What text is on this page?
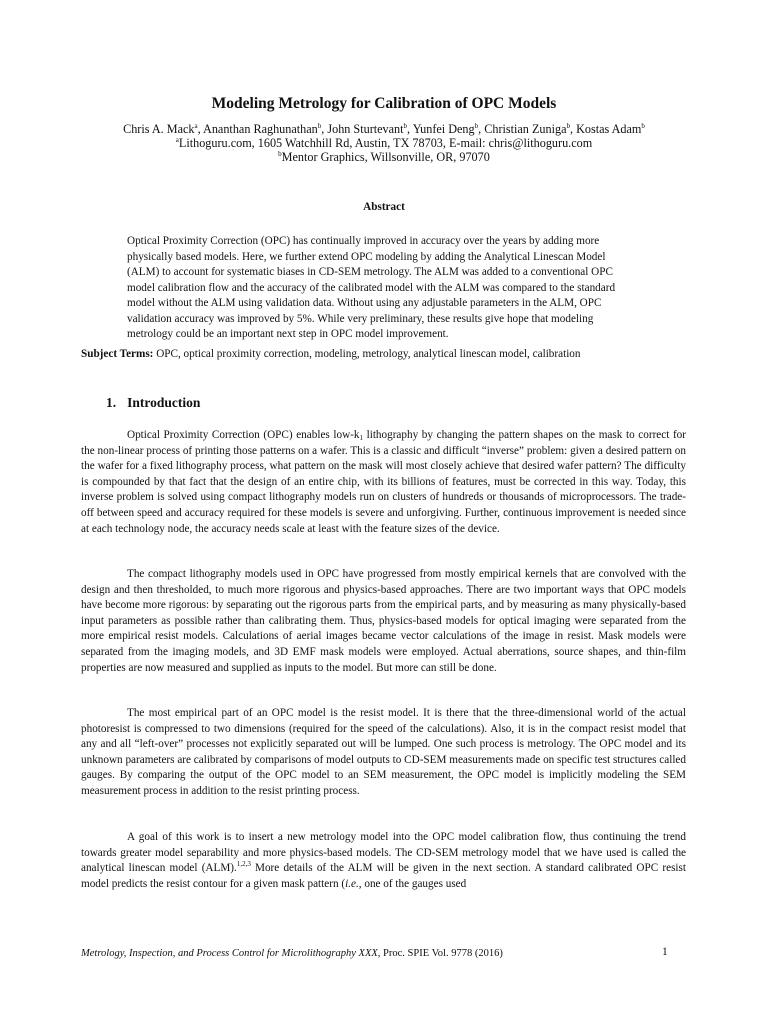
Modeling Metrology for Calibration of OPC Models
Chris A. Mack$^a$, Ananthan Raghunathan$^b$, John Sturtevant$^b$, Yunfei Deng$^b$, Christian Zuniga$^b$, Kostas Adam$^b$
$^a$Lithoguru.com, 1605 Watchhill Rd, Austin, TX 78703, E-mail: chris@lithoguru.com
$^b$Mentor Graphics, Willsonville, OR, 97070
Abstract
Optical Proximity Correction (OPC) has continually improved in accuracy over the years by adding more
physically based models. Here, we further extend OPC modeling by adding the Analytical Linescan Model
(ALM) to account for systematic biases in CD-SEM metrology. The ALM was added to a conventional OPC
model calibration flow and the accuracy of the calibrated model with the ALM was compared to the standard
model without the ALM using validation data. Without using any adjustable parameters in the ALM, OPC
validation accuracy was improved by 5%. While very preliminary, these results give hope that modeling
metrology could be an important next step in OPC model improvement.
Subject Terms: OPC, optical proximity correction, modeling, metrology, analytical linescan model, calibration
1. Introduction
Optical Proximity Correction (OPC) enables low-$k_1$ lithography by changing the pattern shapes on the mask to correct for the non-linear process of printing those patterns on a wafer. This is a classic and difficult “inverse” problem: given a desired pattern on the wafer for a fixed lithography process, what pattern on the mask will most closely achieve that desired wafer pattern? The difficulty is compounded by that fact that the design of an entire chip, with its billions of features, must be corrected in this way. Today, this inverse problem is solved using compact lithography models run on clusters of hundreds or thousands of microprocessors. The trade-off between speed and accuracy required for these models is severe and unforgiving. Further, continuous improvement is needed since at each technology node, the accuracy needs scale at least with the feature sizes of the device.
The compact lithography models used in OPC have progressed from mostly empirical kernels that are convolved with the design and then thresholded, to much more rigorous and physics-based approaches. There are two important ways that OPC models have become more rigorous: by separating out the rigorous parts from the empirical parts, and by measuring as many physically-based input parameters as possible rather than calibrating them. Thus, physics-based models for optical imaging were separated from the more empirical resist models. Calculations of aerial images became vector calculations of the image in resist. Mask models were separated from the imaging models, and 3D EMF mask models were employed. Actual aberrations, source shapes, and thin-film properties are now measured and supplied as inputs to the model. But more can still be done.
The most empirical part of an OPC model is the resist model. It is there that the three-dimensional world of the actual photoresist is compressed to two dimensions (required for the speed of the calculations). Also, it is in the compact resist model that any and all “left-over” processes not explicitly separated out will be lumped. One such process is metrology. The OPC model and its unknown parameters are calibrated by comparisons of model outputs to CD-SEM measurements made on specific test structures called gauges. By comparing the output of the OPC model to an SEM measurement, the OPC model is implicitly modeling the SEM measurement process in addition to the resist printing process.
A goal of this work is to insert a new metrology model into the OPC model calibration flow, thus continuing the trend towards greater model separability and more physics-based models. The CD-SEM metrology model that we have used is called the analytical linescan model (ALM).$^{1,2,3}$ More details of the ALM will be given in the next section. A standard calibrated OPC resist model predicts the resist contour for a given mask pattern (i.e., one of the gauges used
Metrology, Inspection, and Process Control for Microlithography XXX, Proc. SPIE Vol. 9778 (2016)	1
